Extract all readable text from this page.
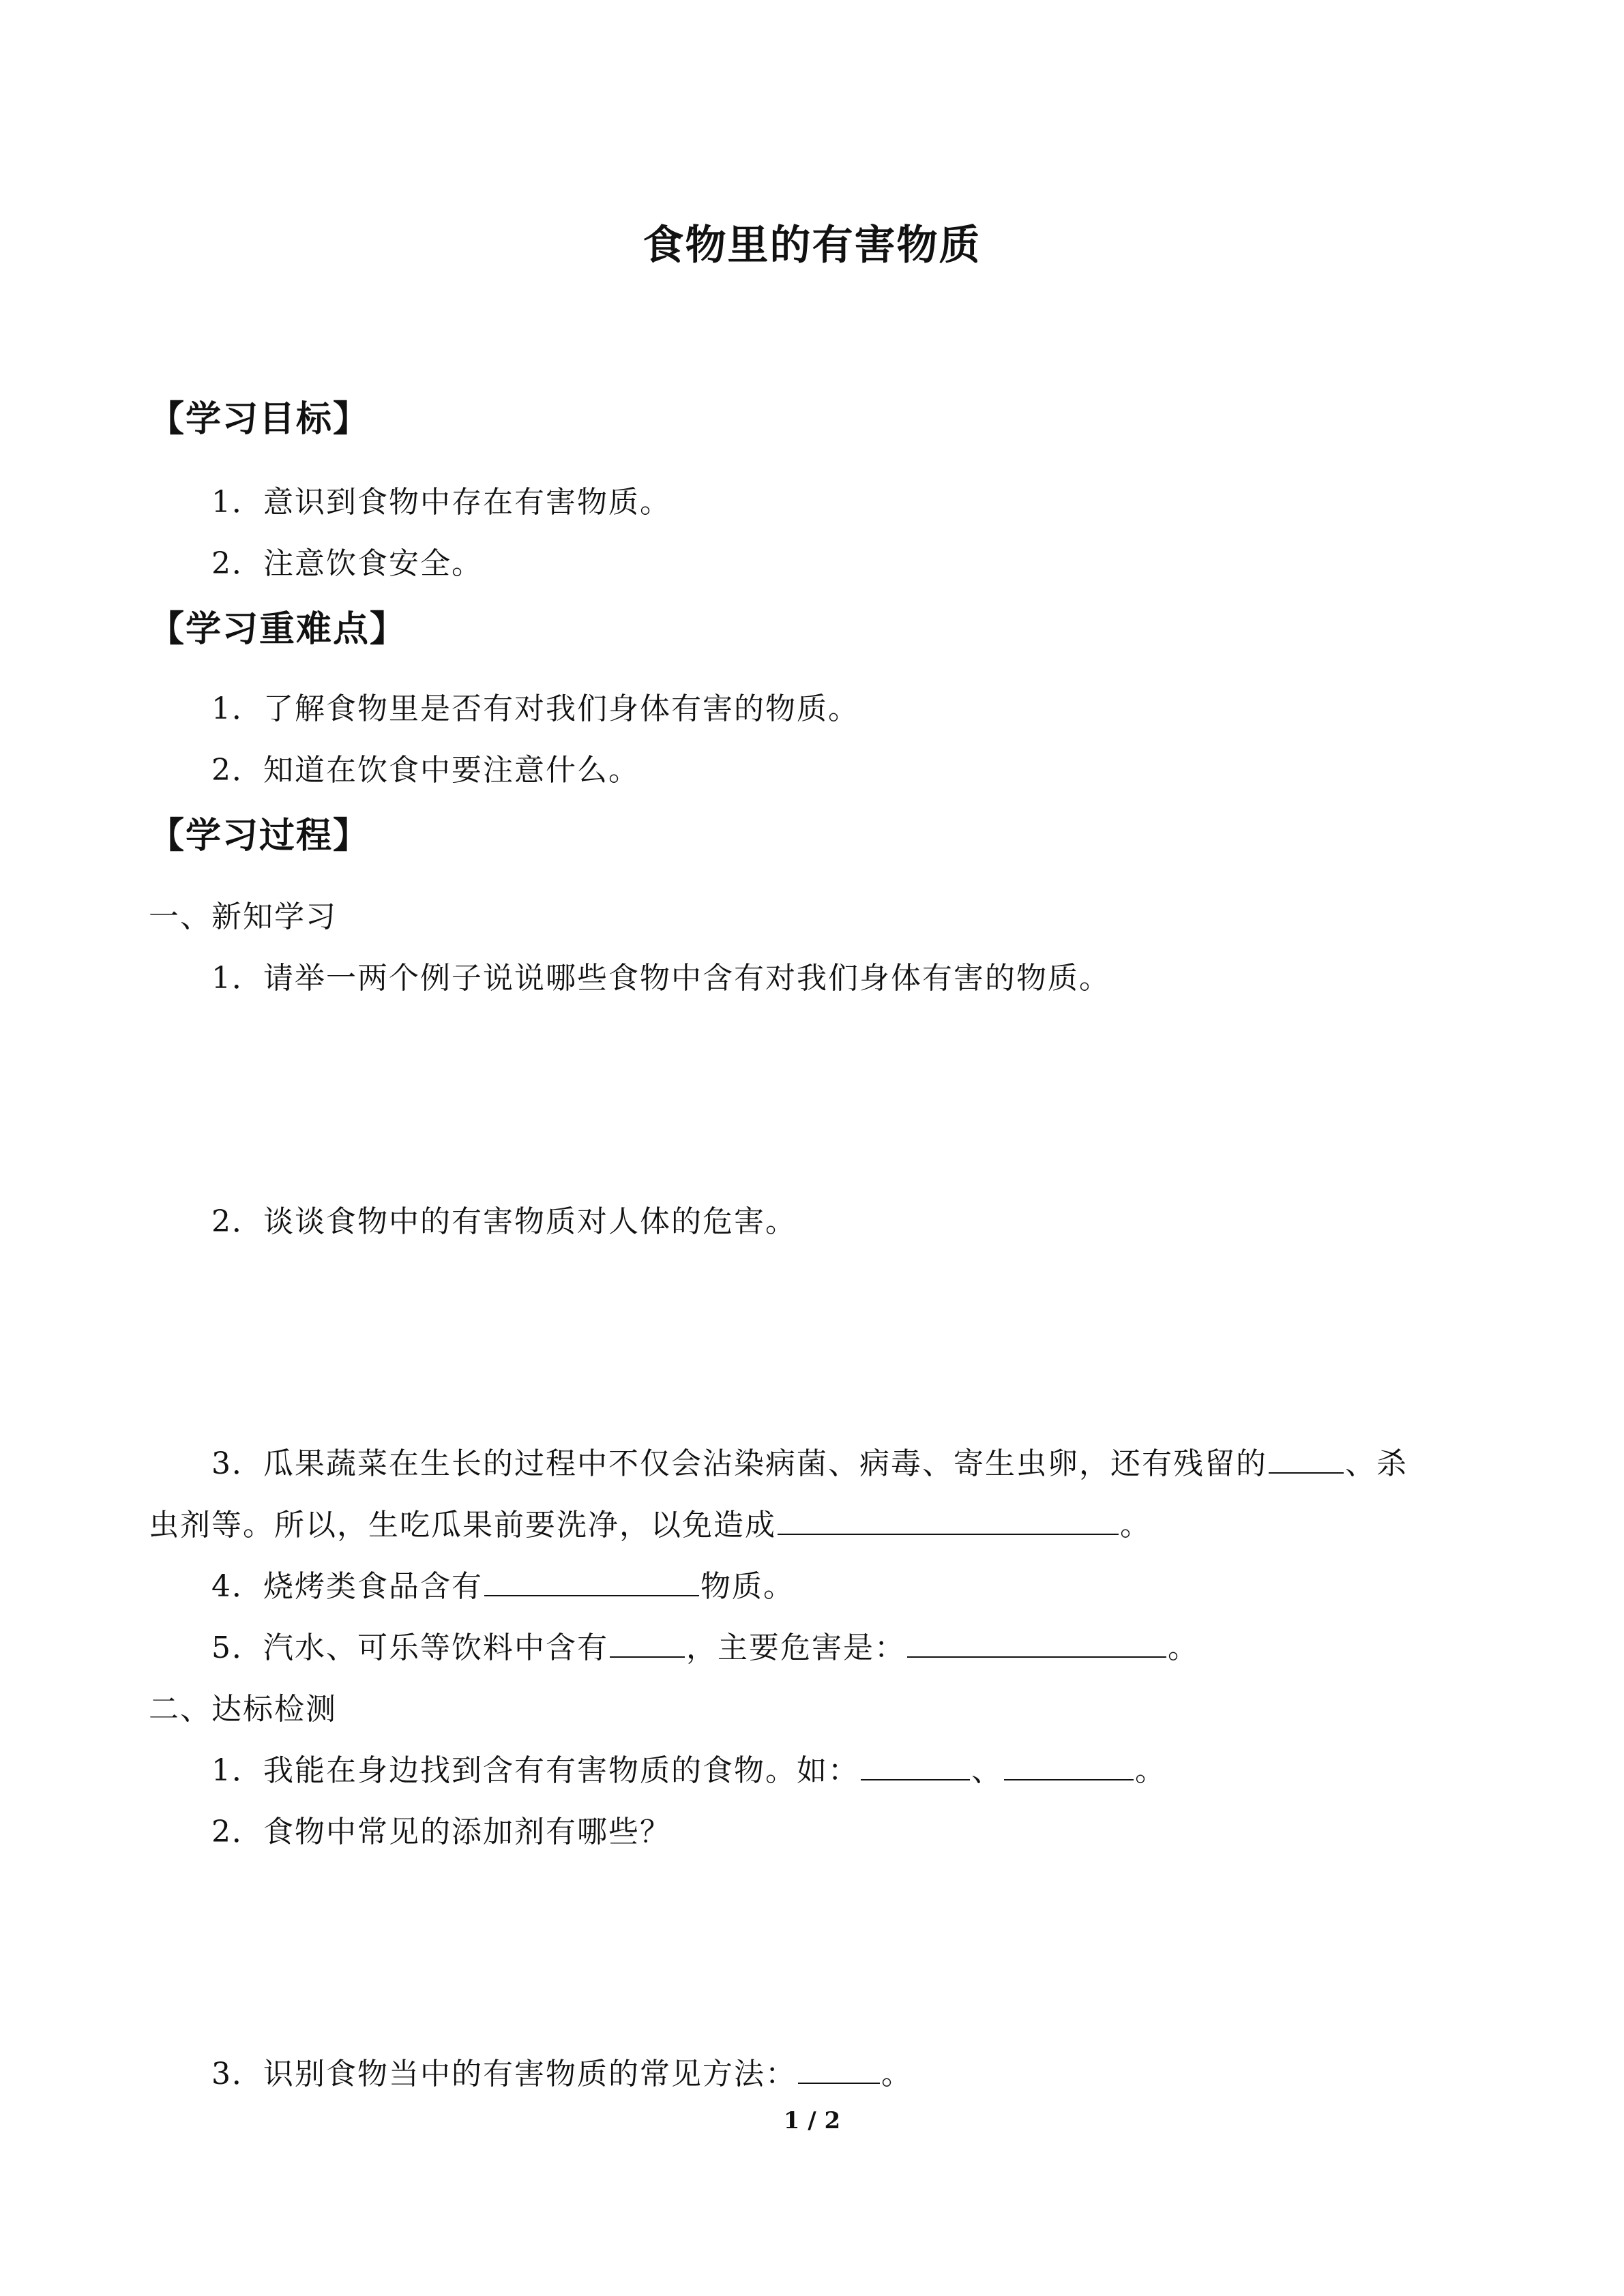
食物里的有害物质
【学习目标】
1．意识到食物中存在有害物质。
2．注意饮食安全。
【学习重难点】
1．了解食物里是否有对我们身体有害的物质。
2．知道在饮食中要注意什么。
【学习过程】
一、新知学习
1．请举一两个例子说说哪些食物中含有对我们身体有害的物质。
2．谈谈食物中的有害物质对人体的危害。
3．瓜果蔬菜在生长的过程中不仅会沾染病菌、病毒、寄生虫卵，还有残留的	、杀
虫剂等。所以，生吃瓜果前要洗净，以免造成	。
4．烧烤类食品含有	物质。
5．汽水、可乐等饮料中含有	，主要危害是：	。
二、达标检测
1．我能在身边找到含有有害物质的食物。如：	、	。
2．食物中常见的添加剂有哪些？
3．识别食物当中的有害物质的常见方法：	。
1 / 2
